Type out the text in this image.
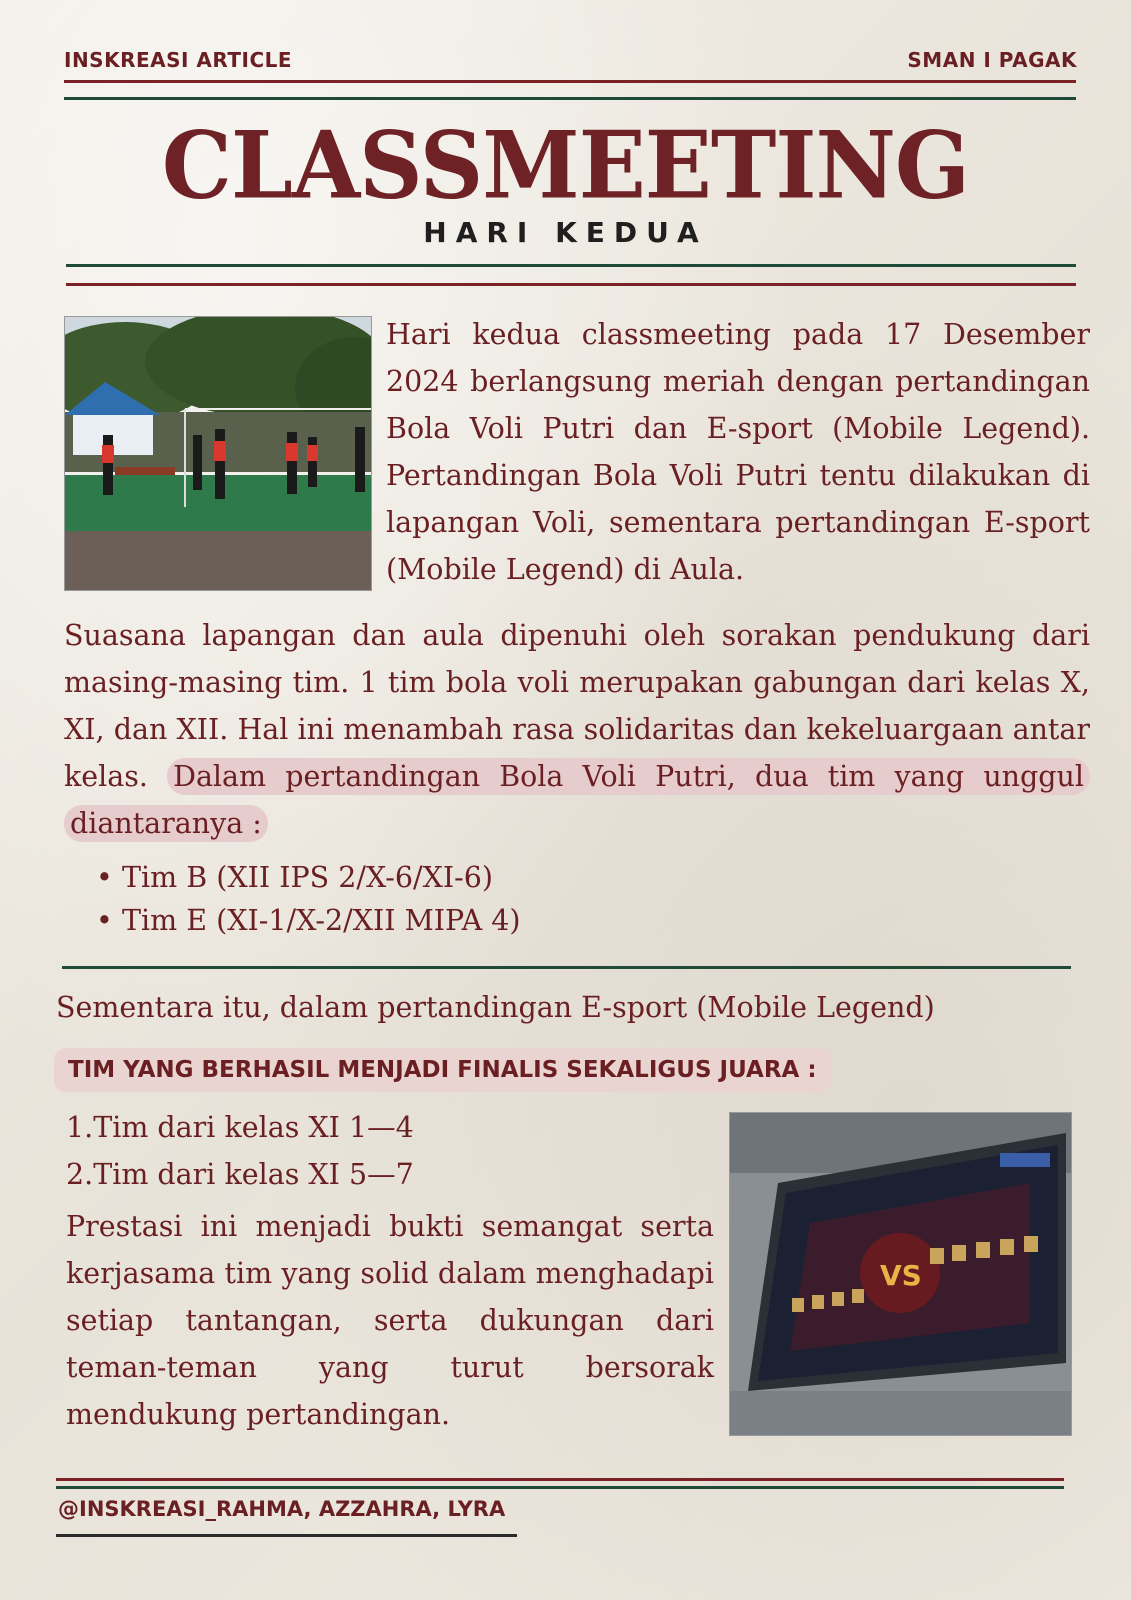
INSKREASI ARTICLE	SMAN I PAGAK
CLASSMEETING
HARI KEDUA
Hari kedua classmeeting pada 17 Desember 2024 berlangsung meriah dengan pertandingan Bola Voli Putri dan E-sport (Mobile Legend). Pertandingan Bola Voli Putri tentu dilakukan di lapangan Voli, sementara pertandingan E-sport (Mobile Legend) di Aula.
Suasana lapangan dan aula dipenuhi oleh sorakan pendukung dari masing-masing tim. 1 tim bola voli merupakan gabungan dari kelas X, XI, dan XII. Hal ini menambah rasa solidaritas dan kekeluargaan antar kelas. Dalam pertandingan Bola Voli Putri, dua tim yang unggul diantaranya :
• Tim B (XII IPS 2/X-6/XI-6)
• Tim E (XI-1/X-2/XII MIPA 4)
Sementara itu, dalam pertandingan E-sport (Mobile Legend)
TIM YANG BERHASIL MENJADI FINALIS SEKALIGUS JUARA :
1.Tim dari kelas XI 1—4
2.Tim dari kelas XI 5—7
Prestasi ini menjadi bukti semangat serta kerjasama tim yang solid dalam menghadapi setiap tantangan, serta dukungan dari teman-teman yang turut bersorak mendukung pertandingan.
VS
@INSKREASI_RAHMA, AZZAHRA, LYRA
